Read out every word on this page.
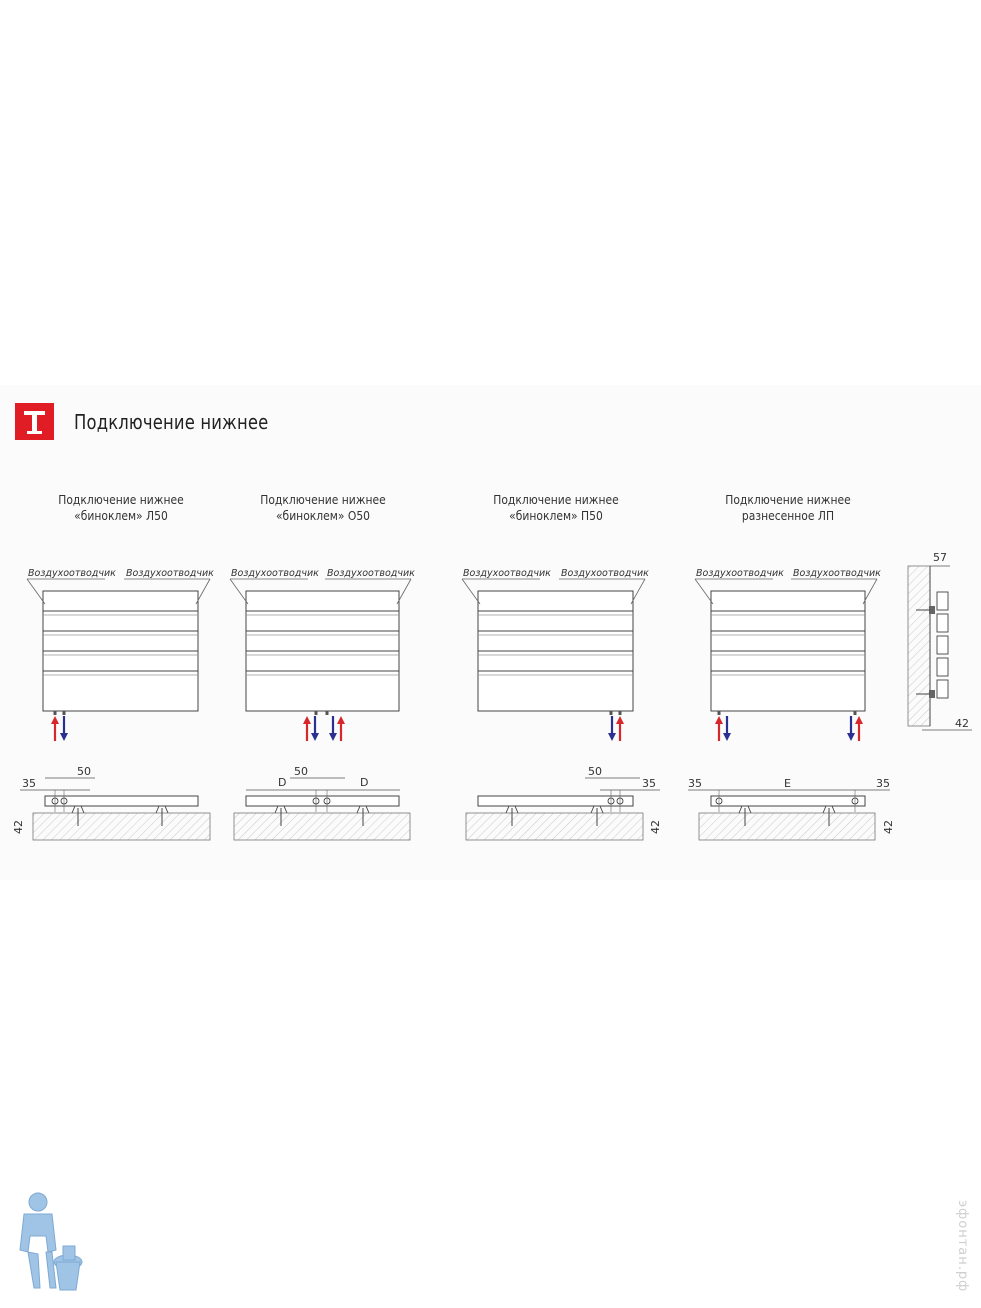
Подключение нижнее
Подключение нижнее
«биноклем» Л50
Подключение нижнее
«биноклем» O50
Подключение нижнее
«биноклем» П50
Подключение нижнее
разнесенное ЛП
Воздухоотводчик Воздухоотводчик Воздухоотводчик Воздухоотводчик	Воздухоотводчик Воздухоотводчик	Воздухоотводчик Воздухоотводчик
35
50
42
D
50
D
50
35
42
35	E	35
42
57
42
эфонтан.рф
